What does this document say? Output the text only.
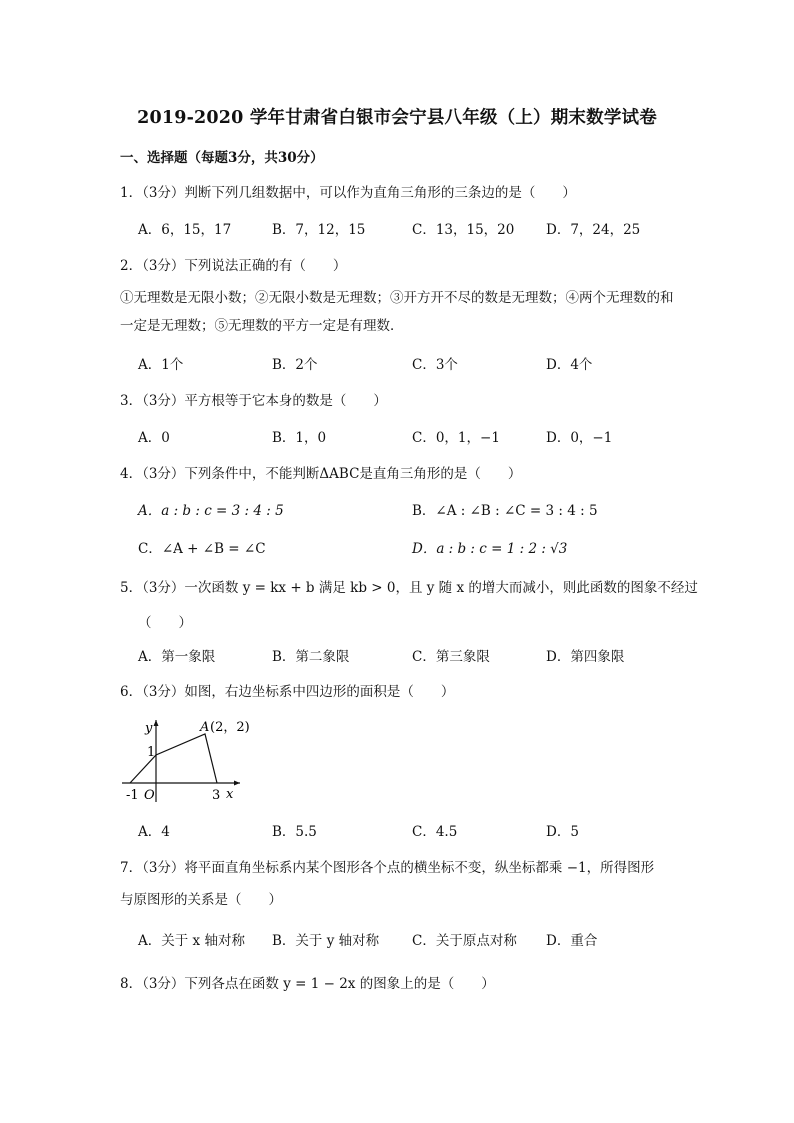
2019-2020 学年甘肃省白银市会宁县八年级（上）期末数学试卷
一、选择题（每题3分，共30分）
1．（3分）判断下列几组数据中，可以作为直角三角形的三条边的是（　　）
A．6，15，17	B．7，12，15	C．13，15，20 D．7，24，25
2．（3分）下列说法正确的有（　　）
①无理数是无限小数；②无限小数是无理数；③开方开不尽的数是无理数；④两个无理数的和一定是无理数；⑤无理数的平方一定是有理数．
A．1个	B．2个	C．3个	D．4个
3．（3分）平方根等于它本身的数是（　　）
A．0	B．1，0	C．0，1，−1	D．0，−1
4．（3分）下列条件中，不能判断ΔABC是直角三角形的是（　　）
A．a : b : c = 3 : 4 : 5	B．∠A : ∠B : ∠C = 3 : 4 : 5
C．∠A + ∠B = ∠C	D．a : b : c = 1 : 2 : √3
5．（3分）一次函数 y = kx + b 满足 kb > 0，且 y 随 x 的增大而减小，则此函数的图象不经过
（　　）
A．第一象限	B．第二象限	C．第三象限	D．第四象限
6．（3分）如图，右边坐标系中四边形的面积是（　　）
y
x
A (2，2)
1
-1 O	3
A．4	B．5.5	C．4.5	D．5
7．（3分）将平面直角坐标系内某个图形各个点的横坐标不变，纵坐标都乘 −1，所得图形
与原图形的关系是（　　）
A．关于 x 轴对称 B．关于 y 轴对称 C．关于原点对称 D．重合
8．（3分）下列各点在函数 y = 1 − 2x 的图象上的是（　　）
